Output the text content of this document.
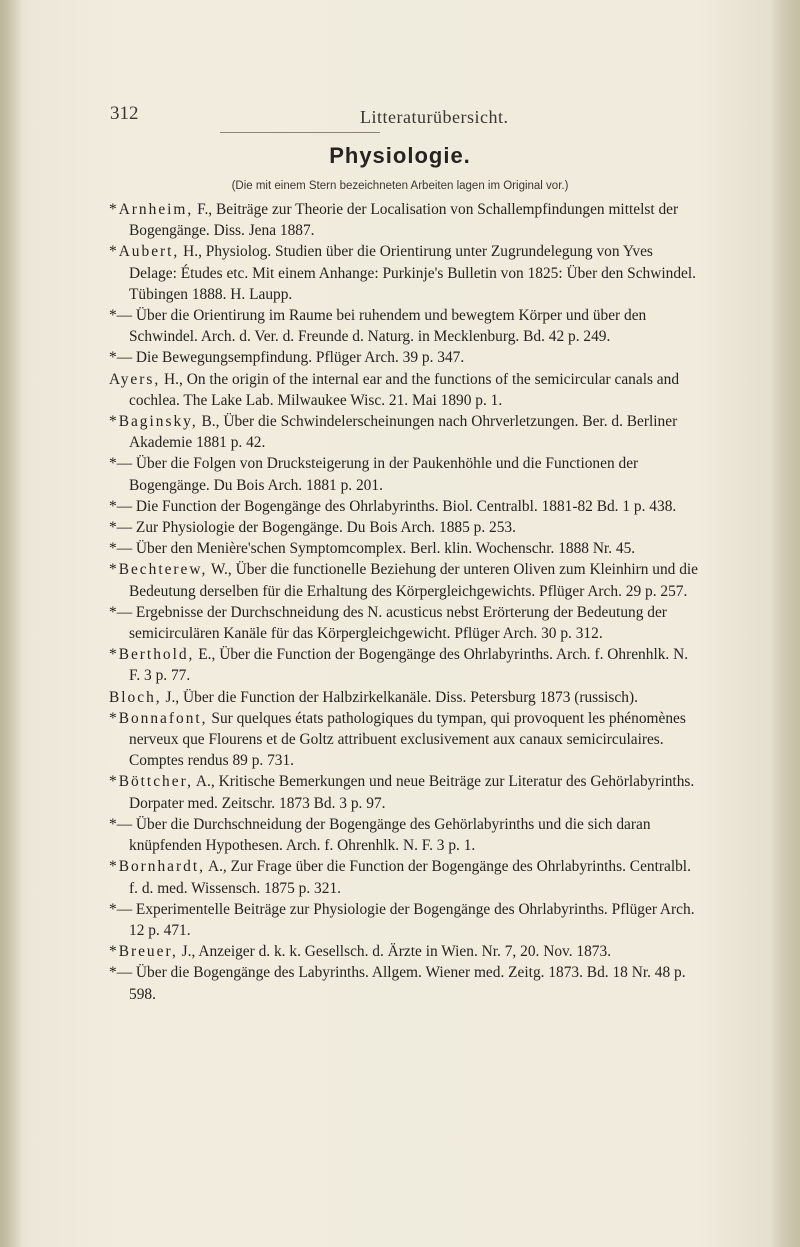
312	Litteraturübersicht.
Physiologie.
(Die mit einem Stern bezeichneten Arbeiten lagen im Original vor.)

*Arnheim, F., Beiträge zur Theorie der Localisation von Schallempfindungen mittelst der Bogengänge. Diss. Jena 1887.

*Aubert, H., Physiolog. Studien über die Orientirung unter Zugrundelegung von Yves Delage: Études etc. Mit einem Anhange: Purkinje's Bulletin von 1825: Über den Schwindel. Tübingen 1888. H. Laupp.

*— Über die Orientirung im Raume bei ruhendem und bewegtem Körper und über den Schwindel. Arch. d. Ver. d. Freunde d. Naturg. in Mecklenburg. Bd. 42 p. 249.

*— Die Bewegungsempfindung. Pflüger Arch. 39 p. 347.

Ayers, H., On the origin of the internal ear and the functions of the semicircular canals and cochlea. The Lake Lab. Milwaukee Wisc. 21. Mai 1890 p. 1.

*Baginsky, B., Über die Schwindelerscheinungen nach Ohrverletzungen. Ber. d. Berliner Akademie 1881 p. 42.

*— Über die Folgen von Drucksteigerung in der Paukenhöhle und die Functionen der Bogengänge. Du Bois Arch. 1881 p. 201.

*— Die Function der Bogengänge des Ohrlabyrinths. Biol. Centralbl. 1881-82 Bd. 1 p. 438.

*— Zur Physiologie der Bogengänge. Du Bois Arch. 1885 p. 253.

*— Über den Menière'schen Symptomcomplex. Berl. klin. Wochenschr. 1888 Nr. 45.

*Bechterew, W., Über die functionelle Beziehung der unteren Oliven zum Kleinhirn und die Bedeutung derselben für die Erhaltung des Körpergleichgewichts. Pflüger Arch. 29 p. 257.

*— Ergebnisse der Durchschneidung des N. acusticus nebst Erörterung der Bedeutung der semicirculären Kanäle für das Körpergleichgewicht. Pflüger Arch. 30 p. 312.

*Berthold, E., Über die Function der Bogengänge des Ohrlabyrinths. Arch. f. Ohrenhlk. N. F. 3 p. 77.

Bloch, J., Über die Function der Halbzirkelkanäle. Diss. Petersburg 1873 (russisch).

*Bonnafont, Sur quelques états pathologiques du tympan, qui provoquent les phénomènes nerveux que Flourens et de Goltz attribuent exclusivement aux canaux semicirculaires. Comptes rendus 89 p. 731.

*Böttcher, A., Kritische Bemerkungen und neue Beiträge zur Literatur des Gehörlabyrinths. Dorpater med. Zeitschr. 1873 Bd. 3 p. 97.

*— Über die Durchschneidung der Bogengänge des Gehörlabyrinths und die sich daran knüpfenden Hypothesen. Arch. f. Ohrenhlk. N. F. 3 p. 1.

*Bornhardt, A., Zur Frage über die Function der Bogengänge des Ohrlabyrinths. Centralbl. f. d. med. Wissensch. 1875 p. 321.

*— Experimentelle Beiträge zur Physiologie der Bogengänge des Ohrlabyrinths. Pflüger Arch. 12 p. 471.

*Breuer, J., Anzeiger d. k. k. Gesellsch. d. Ärzte in Wien. Nr. 7, 20. Nov. 1873.

*— Über die Bogengänge des Labyrinths. Allgem. Wiener med. Zeitg. 1873. Bd. 18 Nr. 48 p. 598.
